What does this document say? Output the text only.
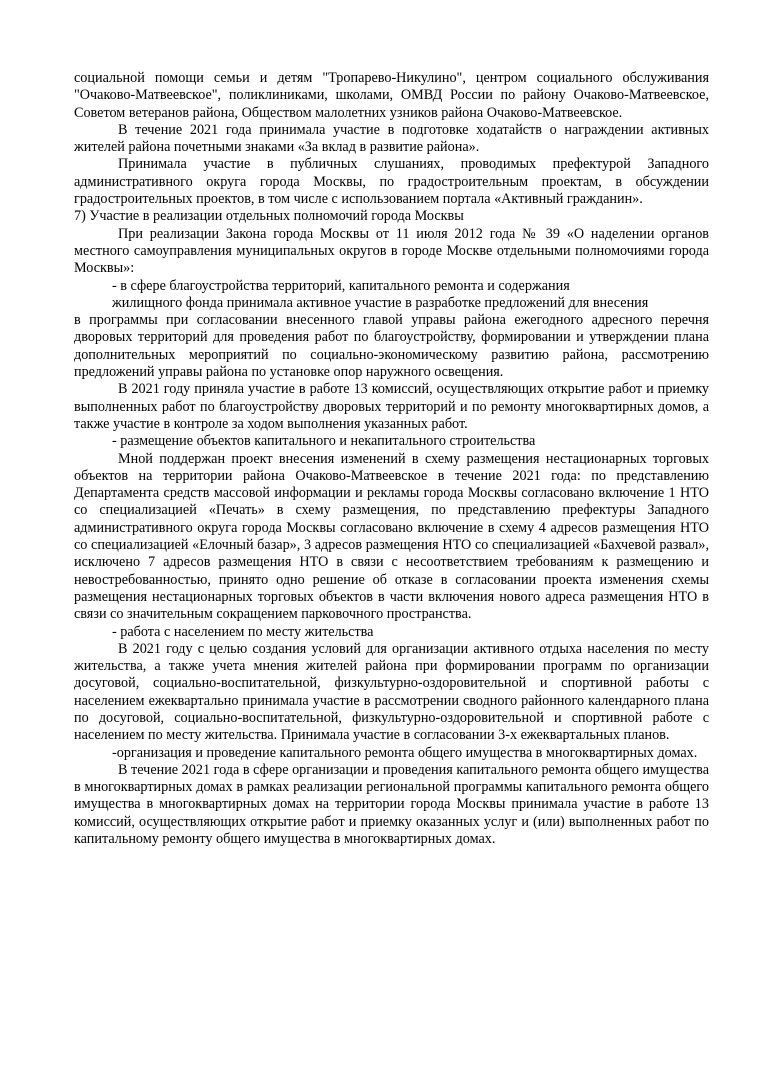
социальной помощи семьи и детям "Тропарево-Никулино", центром социального обслуживания "Очаково-Матвеевское", поликлиниками, школами, ОМВД России по району Очаково-Матвеевское, Советом ветеранов района, Обществом малолетних узников района Очаково-Матвеевское.

В течение 2021 года принимала участие в подготовке ходатайств о награждении активных жителей района почетными знаками «За вклад в развитие района».

Принимала участие в публичных слушаниях, проводимых префектурой Западного административного округа города Москвы, по градостроительным проектам, в обсуждении градостроительных проектов, в том числе с использованием портала «Активный гражданин».

7) Участие в реализации отдельных полномочий города Москвы

При реализации Закона города Москвы от 11 июля 2012 года № 39 «О наделении органов местного самоуправления муниципальных округов в городе Москве отдельными полномочиями города Москвы»:

- в сфере благоустройства территорий, капитального ремонта и содержания

жилищного фонда принимала активное участие в разработке предложений для внесения

в программы при согласовании внесенного главой управы района ежегодного адресного перечня дворовых территорий для проведения работ по благоустройству, формировании и утверждении плана дополнительных мероприятий по социально-экономическому развитию района, рассмотрению предложений управы района по установке опор наружного освещения.

В 2021 году приняла участие в работе 13 комиссий, осуществляющих открытие работ и приемку выполненных работ по благоустройству дворовых территорий и по ремонту многоквартирных домов, а также участие в контроле за ходом выполнения указанных работ.

- размещение объектов капитального и некапитального строительства

Мной поддержан проект внесения изменений в схему размещения нестационарных торговых объектов на территории района Очаково-Матвеевское в течение 2021 года: по представлению Департамента средств массовой информации и рекламы города Москвы согласовано включение 1 НТО со специализацией «Печать» в схему размещения, по представлению префектуры Западного административного округа города Москвы согласовано включение в схему 4 адресов размещения НТО со специализацией «Елочный базар», 3 адресов размещения НТО со специализацией «Бахчевой развал», исключено 7 адресов размещения НТО в связи с несоответствием требованиям к размещению и невостребованностью, принято одно решение об отказе в согласовании проекта изменения схемы размещения нестационарных торговых объектов в части включения нового адреса размещения НТО в связи со значительным сокращением парковочного пространства.

- работа с населением по месту жительства

В 2021 году с целью создания условий для организации активного отдыха населения по месту жительства, а также учета мнения жителей района при формировании программ по организации досуговой, социально-воспитательной, физкультурно-оздоровительной и спортивной работы с населением ежеквартально принимала участие в рассмотрении сводного районного календарного плана по досуговой, социально-воспитательной, физкультурно-оздоровительной и спортивной работе с населением по месту жительства. Принимала участие в согласовании 3-х ежеквартальных планов.

-организация и проведение капитального ремонта общего имущества в многоквартирных домах.

В течение 2021 года в сфере организации и проведения капитального ремонта общего имущества в многоквартирных домах в рамках реализации региональной программы капитального ремонта общего имущества в многоквартирных домах на территории города Москвы принимала участие в работе 13 комиссий, осуществляющих открытие работ и приемку оказанных услуг и (или) выполненных работ по капитальному ремонту общего имущества в многоквартирных домах.
